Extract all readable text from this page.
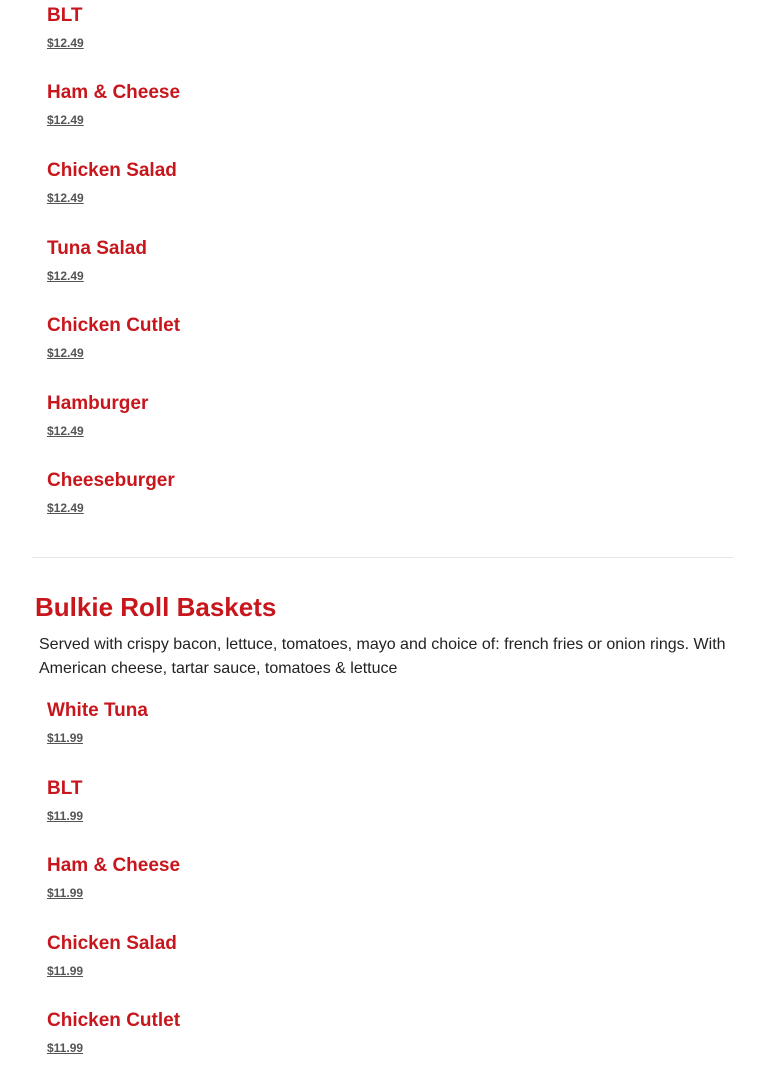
BLT
$12.49
Ham & Cheese
$12.49
Chicken Salad
$12.49
Tuna Salad
$12.49
Chicken Cutlet
$12.49
Hamburger
$12.49
Cheeseburger
$12.49
Bulkie Roll Baskets

Served with crispy bacon, lettuce, tomatoes, mayo and choice of: french fries or onion rings. With American cheese, tartar sauce, tomatoes & lettuce

White Tuna
$11.99
BLT
$11.99
Ham & Cheese
$11.99
Chicken Salad
$11.99
Chicken Cutlet
$11.99
